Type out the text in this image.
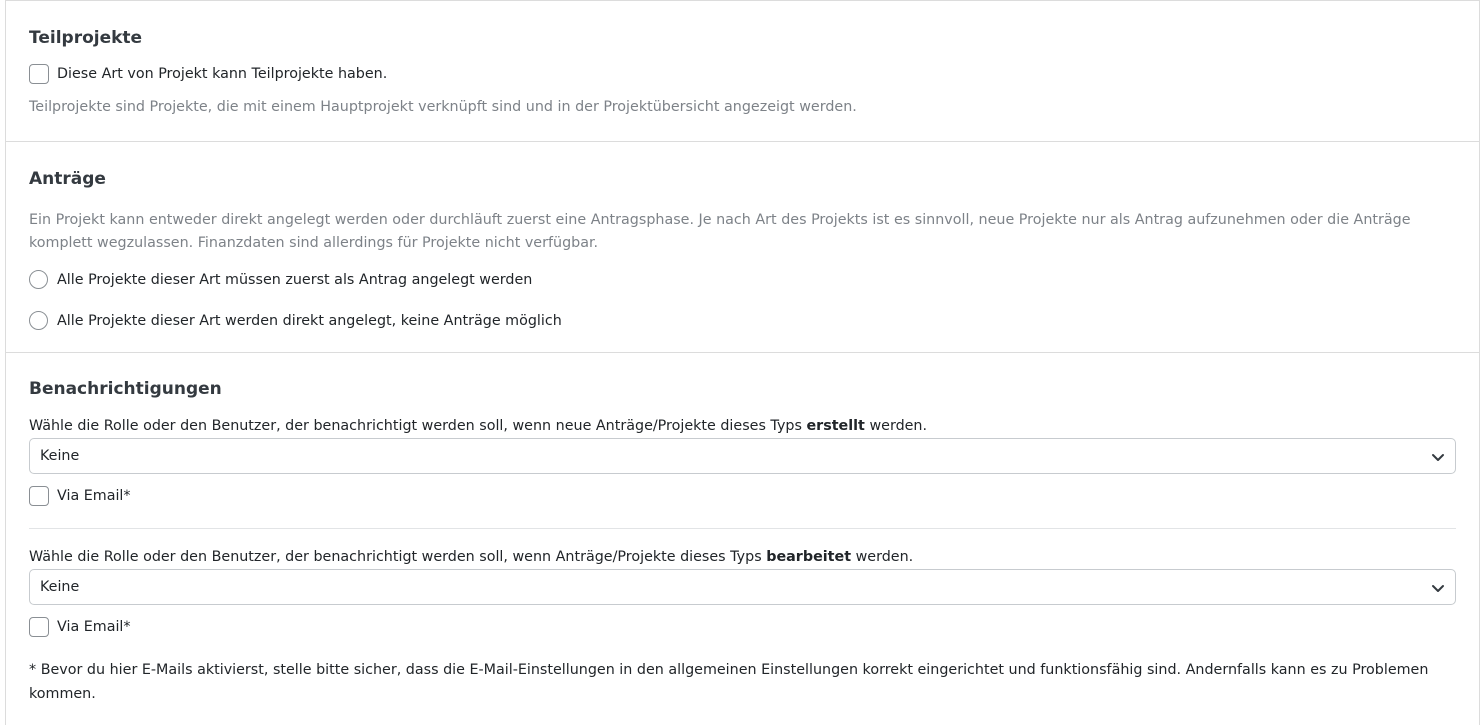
Teilprojekte
Diese Art von Projekt kann Teilprojekte haben.
Teilprojekte sind Projekte, die mit einem Hauptprojekt verknüpft sind und in der Projektübersicht angezeigt werden.
Anträge
Ein Projekt kann entweder direkt angelegt werden oder durchläuft zuerst eine Antragsphase. Je nach Art des Projekts ist es sinnvoll, neue Projekte nur als Antrag aufzunehmen oder die Anträge
komplett wegzulassen. Finanzdaten sind allerdings für Projekte nicht verfügbar.
Alle Projekte dieser Art müssen zuerst als Antrag angelegt werden
Alle Projekte dieser Art werden direkt angelegt, keine Anträge möglich
Benachrichtigungen
Wähle die Rolle oder den Benutzer, der benachrichtigt werden soll, wenn neue Anträge/Projekte dieses Typs erstellt werden.
Keine
Via Email*
Wähle die Rolle oder den Benutzer, der benachrichtigt werden soll, wenn Anträge/Projekte dieses Typs bearbeitet werden.
Keine
Via Email*
* Bevor du hier E-Mails aktivierst, stelle bitte sicher, dass die E-Mail-Einstellungen in den allgemeinen Einstellungen korrekt eingerichtet und funktionsfähig sind. Andernfalls kann es zu Problemen
kommen.
